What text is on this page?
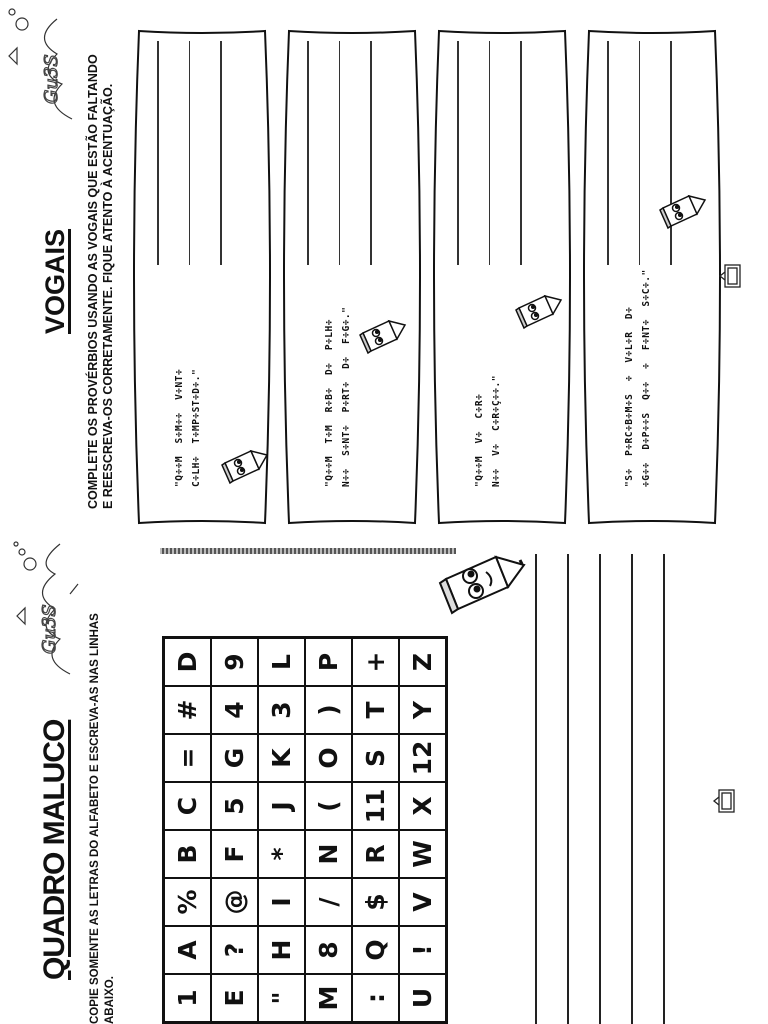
Gu3S
QUADRO MALUCO COPIE SOMENTE AS LETRAS DO ALFABETO E ESCREVA-AS NAS LINHAS ABAIXO. 1	A	%	B	C	=	#	D
E	?	@	F	5	G	4	9
"	H	I	*	J	K	3	L
M	8	/	N	(	O	)	P
:	Q	$	R	11	S	T	+
U	!	V	W	X	12	Y	Z
Gu3S
VOGAIS COMPLETE OS PROVÉRBIOS USANDO AS VOGAIS QUE ESTÃO FALTANDO E REESCREVA-OS CORRETAMENTE. FIQUE ATENTO À ACENTUAÇÃO.	"Q÷÷M  S÷M÷÷  V÷NT÷ C÷LH÷  T÷MP÷ST÷D÷."	"Q÷÷M  T÷M  R÷B÷  D÷  P÷LH÷ N÷÷  S÷NT÷  P÷RT÷  D÷  F÷G÷."	"Q÷÷M  V÷  C÷R÷ N÷÷  V÷  C÷R÷Ç÷÷."	"S÷  P÷RC÷B÷M÷S  ÷  V÷L÷R  D÷ ÷G÷÷  D÷P÷÷S  Q÷÷  ÷  F÷NT÷  S÷C÷."
